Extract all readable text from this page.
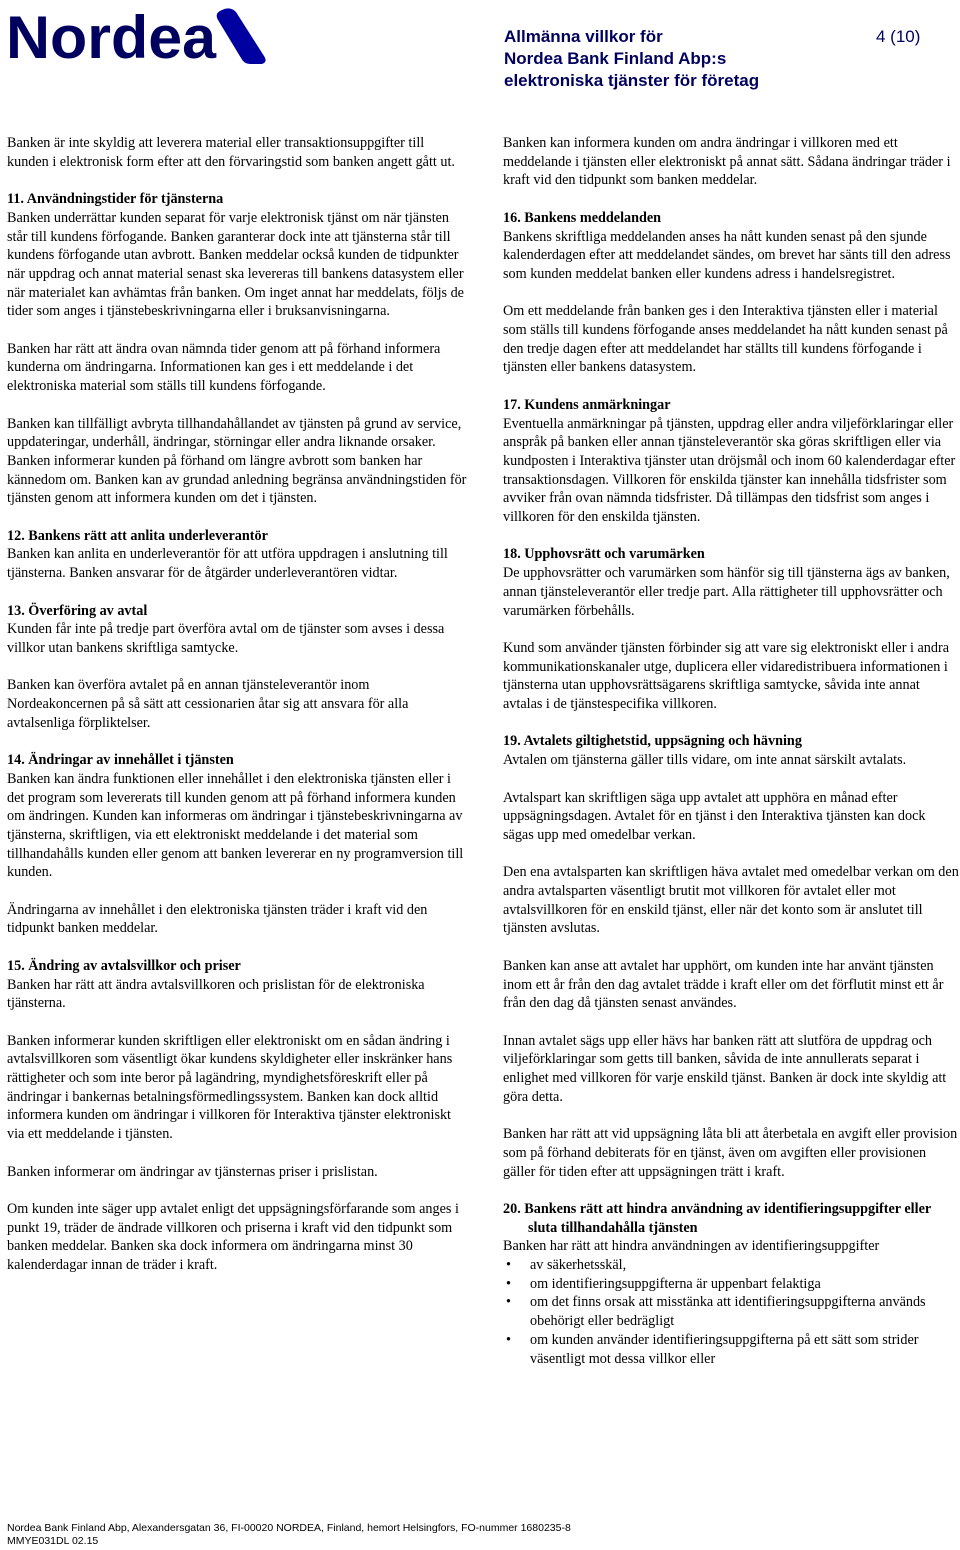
Nordea	Allmänna villkor för
Nordea Bank Finland Abp:s
elektroniska tjänster för företag
4 (10)

Banken är inte skyldig att leverera material eller transaktionsuppgifter till kunden i elektronisk form efter att den förvaringstid som banken angett gått ut.

11. Användningstider för tjänsterna

Banken underrättar kunden separat för varje elektronisk tjänst om när tjänsten står till kundens förfogande. Banken garanterar dock inte att tjänsterna står till kundens förfogande utan avbrott. Banken meddelar också kunden de tidpunkter när uppdrag och annat material senast ska levereras till bankens datasystem eller när materialet kan avhämtas från banken. Om inget annat har meddelats, följs de tider som anges i tjänstebeskrivningarna eller i bruksanvisningarna.

Banken har rätt att ändra ovan nämnda tider genom att på förhand informera kunderna om ändringarna. Informationen kan ges i ett meddelande i det elektroniska material som ställs till kundens förfogande.

Banken kan tillfälligt avbryta tillhandahållandet av tjänsten på grund av service, uppdateringar, underhåll, ändringar, störningar eller andra liknande orsaker. Banken informerar kunden på förhand om längre avbrott som banken har kännedom om. Banken kan av grundad anledning begränsa användningstiden för tjänsten genom att informera kunden om det i tjänsten.

12. Bankens rätt att anlita underleverantör

Banken kan anlita en underleverantör för att utföra uppdragen i anslutning till tjänsterna. Banken ansvarar för de åtgärder underleverantören vidtar.

13. Överföring av avtal

Kunden får inte på tredje part överföra avtal om de tjänster som avses i dessa villkor utan bankens skriftliga samtycke.

Banken kan överföra avtalet på en annan tjänsteleverantör inom Nordeakoncernen på så sätt att cessionarien åtar sig att ansvara för alla avtalsenliga förpliktelser.

14. Ändringar av innehållet i tjänsten

Banken kan ändra funktionen eller innehållet i den elektroniska tjänsten eller i det program som levererats till kunden genom att på förhand informera kunden om ändringen. Kunden kan informeras om ändringar i tjänstebeskrivningarna av tjänsterna, skriftligen, via ett elektroniskt meddelande i det material som tillhandahålls kunden eller genom att banken levererar en ny programversion till kunden.

Ändringarna av innehållet i den elektroniska tjänsten träder i kraft vid den tidpunkt banken meddelar.

15. Ändring av avtalsvillkor och priser

Banken har rätt att ändra avtalsvillkoren och prislistan för de elektroniska tjänsterna.

Banken informerar kunden skriftligen eller elektroniskt om en sådan ändring i avtalsvillkoren som väsentligt ökar kundens skyldigheter eller inskränker hans rättigheter och som inte beror på lagändring, myndighetsföreskrift eller på ändringar i bankernas betalningsförmedlingssystem. Banken kan dock alltid informera kunden om ändringar i villkoren för Interaktiva tjänster elektroniskt via ett meddelande i tjänsten.

Banken informerar om ändringar av tjänsternas priser i prislistan.

Om kunden inte säger upp avtalet enligt det uppsägningsförfarande som anges i punkt 19, träder de ändrade villkoren och priserna i kraft vid den tidpunkt som banken meddelar. Banken ska dock informera om ändringarna minst 30 kalenderdagar innan de träder i kraft.

Banken kan informera kunden om andra ändringar i villkoren med ett meddelande i tjänsten eller elektroniskt på annat sätt. Sådana ändringar träder i kraft vid den tidpunkt som banken meddelar.

16. Bankens meddelanden

Bankens skriftliga meddelanden anses ha nått kunden senast på den sjunde kalenderdagen efter att meddelandet sändes, om brevet har sänts till den adress som kunden meddelat banken eller kundens adress i handelsregistret.

Om ett meddelande från banken ges i den Interaktiva tjänsten eller i material som ställs till kundens förfogande anses meddelandet ha nått kunden senast på den tredje dagen efter att meddelandet har ställts till kundens förfogande i tjänsten eller bankens datasystem.

17. Kundens anmärkningar

Eventuella anmärkningar på tjänsten, uppdrag eller andra viljeförklaringar eller anspråk på banken eller annan tjänsteleverantör ska göras skriftligen eller via kundposten i Interaktiva tjänster utan dröjsmål och inom 60 kalenderdagar efter transaktionsdagen. Villkoren för enskilda tjänster kan innehålla tidsfrister som avviker från ovan nämnda tidsfrister. Då tillämpas den tidsfrist som anges i villkoren för den enskilda tjänsten.

18. Upphovsrätt och varumärken

De upphovsrätter och varumärken som hänför sig till tjänsterna ägs av banken, annan tjänsteleverantör eller tredje part. Alla rättigheter till upphovsrätter och varumärken förbehålls.

Kund som använder tjänsten förbinder sig att vare sig elektroniskt eller i andra kommunikationskanaler utge, duplicera eller vidaredistribuera informationen i tjänsterna utan upphovsrättsägarens skriftliga samtycke, såvida inte annat avtalas i de tjänstespecifika villkoren.

19. Avtalets giltighetstid, uppsägning och hävning

Avtalen om tjänsterna gäller tills vidare, om inte annat särskilt avtalats.

Avtalspart kan skriftligen säga upp avtalet att upphöra en månad efter uppsägningsdagen. Avtalet för en tjänst i den Interaktiva tjänsten kan dock sägas upp med omedelbar verkan.

Den ena avtalsparten kan skriftligen häva avtalet med omedelbar verkan om den andra avtalsparten väsentligt brutit mot villkoren för avtalet eller mot avtalsvillkoren för en enskild tjänst, eller när det konto som är anslutet till tjänsten avslutas.

Banken kan anse att avtalet har upphört, om kunden inte har använt tjänsten inom ett år från den dag avtalet trädde i kraft eller om det förflutit minst ett år från den dag då tjänsten senast användes.

Innan avtalet sägs upp eller hävs har banken rätt att slutföra de uppdrag och viljeförklaringar som getts till banken, såvida de inte annullerats separat i enlighet med villkoren för varje enskild tjänst. Banken är dock inte skyldig att göra detta.

Banken har rätt att vid uppsägning låta bli att återbetala en avgift eller provision som på förhand debiterats för en tjänst, även om avgiften eller provisionen gäller för tiden efter att uppsägningen trätt i kraft.

20. Bankens rätt att hindra användning av identifieringsuppgifter eller sluta tillhandahålla tjänsten
Banken har rätt att hindra användningen av identifieringsuppgifter
• av säkerhetsskäl,
• om identifieringsuppgifterna är uppenbart felaktiga
• om det finns orsak att misstänka att identifieringsuppgifterna används obehörigt eller bedrägligt
• om kunden använder identifieringsuppgifterna på ett sätt som strider väsentligt mot dessa villkor eller
Nordea Bank Finland Abp, Alexandersgatan 36, FI-00020 NORDEA, Finland, hemort Helsingfors, FO-nummer 1680235-8
MMYE031DL 02.15
